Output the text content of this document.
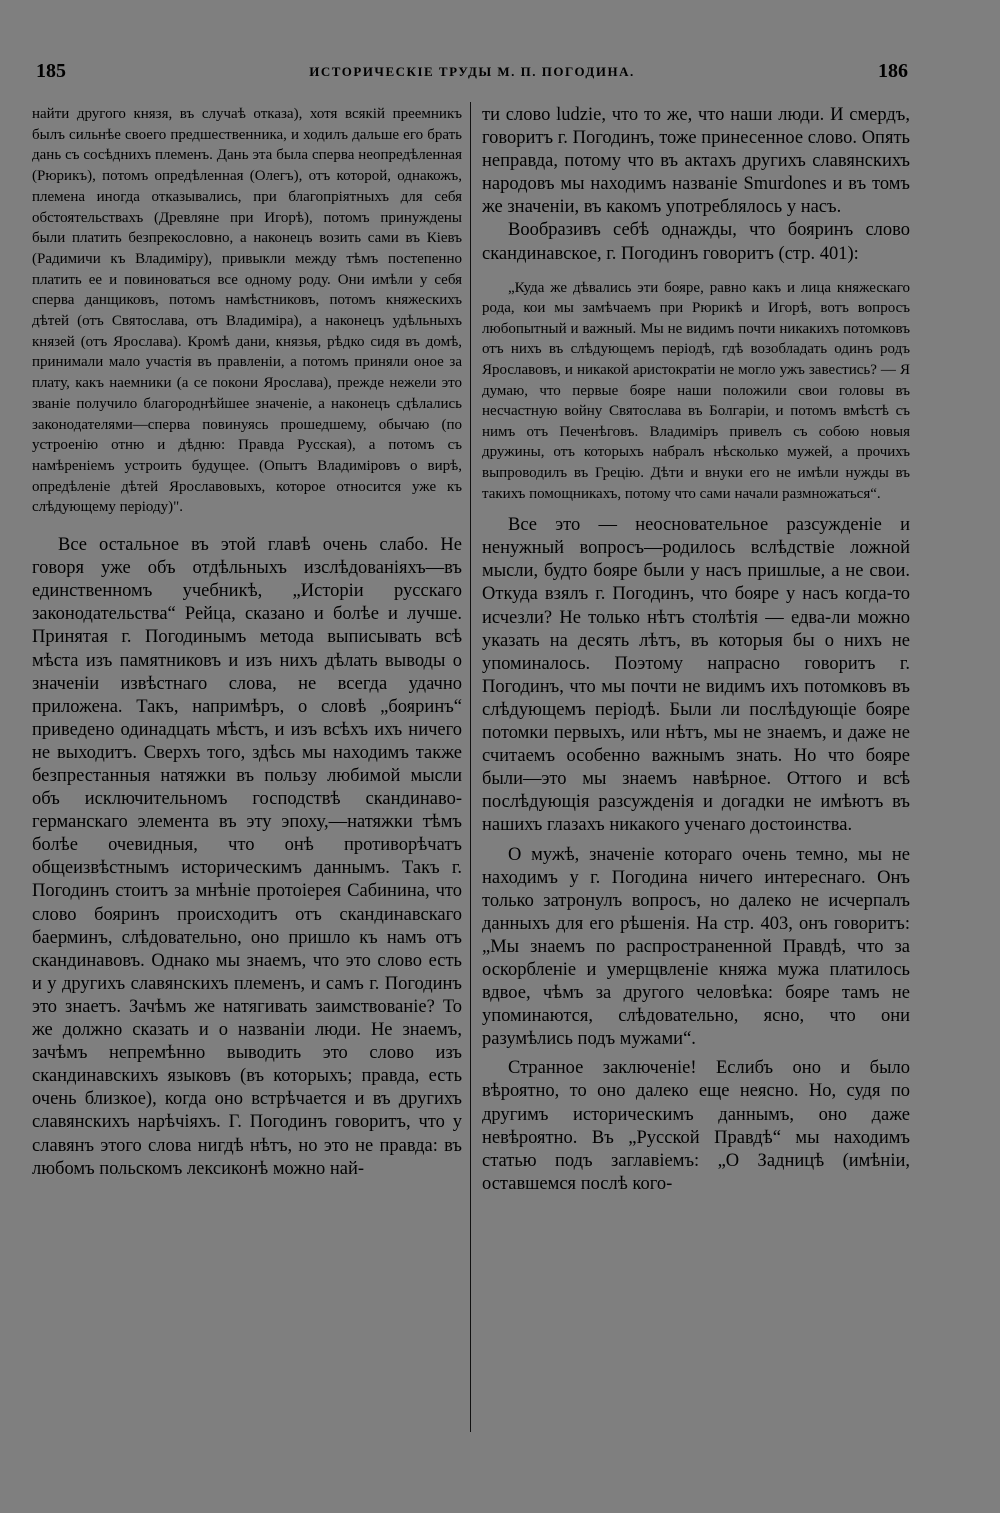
185	ИСТОРИЧЕСКІЕ ТРУДЫ М. П. ПОГОДИНА.	186

найти другого князя, въ случаѣ отказа), хотя всякій преемникъ былъ сильнѣе своего предшественника, и ходилъ дальше его брать дань съ сосѣднихъ племенъ. Дань эта была сперва неопредѣленная (Рюрикъ), потомъ опредѣленная (Олегъ), отъ которой, однакожъ, племена иногда отказывались, при благопріятныхъ для себя обстоятельствахъ (Древляне при Игорѣ), потомъ принуждены были платить безпрекословно, а наконецъ возить сами въ Кіевъ (Радимичи къ Владиміру), привыкли между тѣмъ постепенно платить ее и повиноваться все одному роду. Они имѣли у себя сперва данщиковъ, потомъ намѣстниковъ, потомъ княжескихъ дѣтей (отъ Святослава, отъ Владиміра), а наконецъ удѣльныхъ князей (отъ Ярослава). Кромѣ дани, князья, рѣдко сидя въ домѣ, принимали мало участія въ правленіи, а потомъ приняли оное за плату, какъ наемники (а се покони Ярослава), прежде нежели это званіе получило благороднѣйшее значеніе, а наконецъ сдѣлались законодателями—сперва повинуясь прошедшему, обычаю (по устроенію отню и дѣдню: Правда Русская), а потомъ съ намѣреніемъ устроить будущее. (Опытъ Владиміровъ о вирѣ, опредѣленіе дѣтей Ярославовыхъ, которое относится уже къ слѣдующему періоду)".

Все остальное въ этой главѣ очень слабо. Не говоря уже объ отдѣльныхъ изслѣдованіяхъ—въ единственномъ учебникѣ, „Исторіи русскаго законодательства“ Рейца, сказано и болѣе и лучше. Принятая г. Погодинымъ метода выписывать всѣ мѣста изъ памятниковъ и изъ нихъ дѣлать выводы о значеніи извѣстнаго слова, не всегда удачно приложена. Такъ, напримѣръ, о словѣ „бояринъ“ приведено одинадцать мѣстъ, и изъ всѣхъ ихъ ничего не выходитъ. Сверхъ того, здѣсь мы находимъ также безпрестанныя натяжки въ пользу любимой мысли объ исключительномъ господствѣ скандинаво-германскаго элемента въ эту эпоху,—натяжки тѣмъ болѣе очевидныя, что онѣ противорѣчатъ общеизвѣстнымъ историческимъ даннымъ. Такъ г. Погодинъ стоитъ за мнѣніе протоіерея Сабинина, что слово бояринъ происходитъ отъ скандинавскаго баерминъ, слѣдовательно, оно пришло къ намъ отъ скандинавовъ. Однако мы знаемъ, что это слово есть и у другихъ славянскихъ племенъ, и самъ г. Погодинъ это знаетъ. Зачѣмъ же натягивать заимствованіе? То же должно сказать и о названіи люди. Не знаемъ, зачѣмъ непремѣнно выводить это слово изъ скандинавскихъ языковъ (въ которыхъ; правда, есть очень близкое), когда оно встрѣчается и въ другихъ славянскихъ нарѣчіяхъ. Г. Погодинъ говоритъ, что у славянъ этого слова нигдѣ нѣтъ, но это не правда: въ любомъ польскомъ лексиконѣ можно най-

ти слово ludzie, что то же, что наши люди. И смердъ, говоритъ г. Погодинъ, тоже принесенное слово. Опять неправда, потому что въ актахъ другихъ славянскихъ народовъ мы находимъ названіе Smurdones и въ томъ же значеніи, въ какомъ употреблялось у насъ.

Вообразивъ себѣ однажды, что бояринъ слово скандинавское, г. Погодинъ говоритъ (стр. 401):

„Куда же дѣвались эти бояре, равно какъ и лица княжескаго рода, кои мы замѣчаемъ при Рюрикѣ и Игорѣ, вотъ вопросъ любопытный и важный. Мы не видимъ почти никакихъ потомковъ отъ нихъ въ слѣдующемъ періодѣ, гдѣ возобладать одинъ родъ Ярославовъ, и никакой аристократіи не могло ужъ завестись? — Я думаю, что первые бояре наши положили свои головы въ несчастную войну Святослава въ Болгаріи, и потомъ вмѣстѣ съ нимъ отъ Печенѣговъ. Владиміръ привелъ съ собою новыя дружины, отъ которыхъ набралъ нѣсколько мужей, а прочихъ выпроводилъ въ Грецію. Дѣти и внуки его не имѣли нужды въ такихъ помощникахъ, потому что сами начали размножаться“.

Все это — неосновательное разсужденіе и ненужный вопросъ—родилось вслѣдствіе ложной мысли, будто бояре были у насъ пришлые, а не свои. Откуда взялъ г. Погодинъ, что бояре у насъ когда-то исчезли? Не только нѣтъ столѣтія — едва-ли можно указать на десять лѣтъ, въ которыя бы о нихъ не упоминалось. Поэтому напрасно говоритъ г. Погодинъ, что мы почти не видимъ ихъ потомковъ въ слѣдующемъ періодѣ. Были ли послѣдующіе бояре потомки первыхъ, или нѣтъ, мы не знаемъ, и даже не считаемъ особенно важнымъ знать. Но что бояре были—это мы знаемъ навѣрное. Оттого и всѣ послѣдующія разсужденія и догадки не имѣютъ въ нашихъ глазахъ никакого ученаго достоинства.

О мужѣ, значеніе котораго очень темно, мы не находимъ у г. Погодина ничего интереснаго. Онъ только затронулъ вопросъ, но далеко не исчерпалъ данныхъ для его рѣшенія. На стр. 403, онъ говоритъ: „Мы знаемъ по распространенной Правдѣ, что за оскорбленіе и умерщвленіе княжа мужа платилось вдвое, чѣмъ за другого человѣка: бояре тамъ не упоминаются, слѣдовательно, ясно, что они разумѣлись подъ мужами“.

Странное заключеніе! Еслибъ оно и было вѣроятно, то оно далеко еще неясно. Но, судя по другимъ историческимъ даннымъ, оно даже невѣроятно. Въ „Русской Правдѣ“ мы находимъ статью подъ заглавіемъ: „О Задницѣ (имѣніи, оставшемся послѣ кого-
